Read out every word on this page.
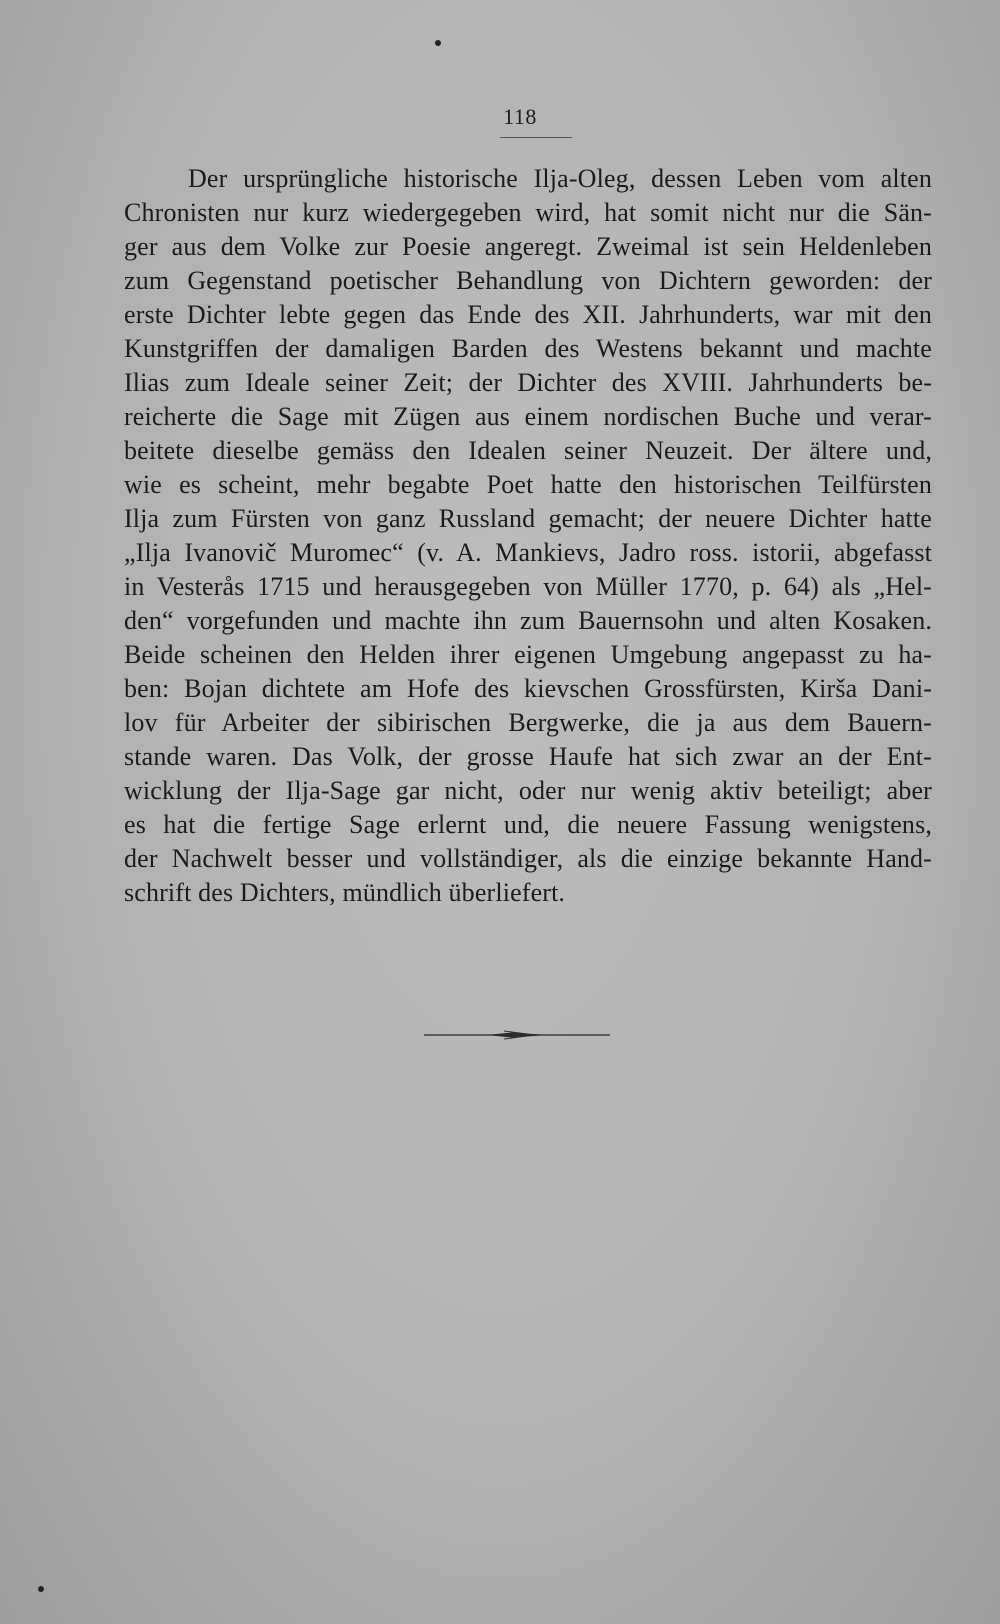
118
Der ursprüngliche historische Ilja-Oleg, dessen Leben vom alten
Chronisten nur kurz wiedergegeben wird, hat somit nicht nur die Sän-
ger aus dem Volke zur Poesie angeregt. Zweimal ist sein Heldenleben
zum Gegenstand poetischer Behandlung von Dichtern geworden: der
erste Dichter lebte gegen das Ende des XII. Jahrhunderts, war mit den
Kunstgriffen der damaligen Barden des Westens bekannt und machte
Ilias zum Ideale seiner Zeit; der Dichter des XVIII. Jahrhunderts be-
reicherte die Sage mit Zügen aus einem nordischen Buche und verar-
beitete dieselbe gemäss den Idealen seiner Neuzeit. Der ältere und,
wie es scheint, mehr begabte Poet hatte den historischen Teilfürsten
Ilja zum Fürsten von ganz Russland gemacht; der neuere Dichter hatte
„Ilja Ivanovič Muromec“ (v. A. Mankievs, Jadro ross. istorii, abgefasst
in Vesterås 1715 und herausgegeben von Müller 1770, p. 64) als „Hel-
den“ vorgefunden und machte ihn zum Bauernsohn und alten Kosaken.
Beide scheinen den Helden ihrer eigenen Umgebung angepasst zu ha-
ben: Bojan dichtete am Hofe des kievschen Grossfürsten, Kirša Dani-
lov für Arbeiter der sibirischen Bergwerke, die ja aus dem Bauern-
stande waren. Das Volk, der grosse Haufe hat sich zwar an der Ent-
wicklung der Ilja-Sage gar nicht, oder nur wenig aktiv beteiligt; aber
es hat die fertige Sage erlernt und, die neuere Fassung wenigstens,
der Nachwelt besser und vollständiger, als die einzige bekannte Hand-
schrift des Dichters, mündlich überliefert.
